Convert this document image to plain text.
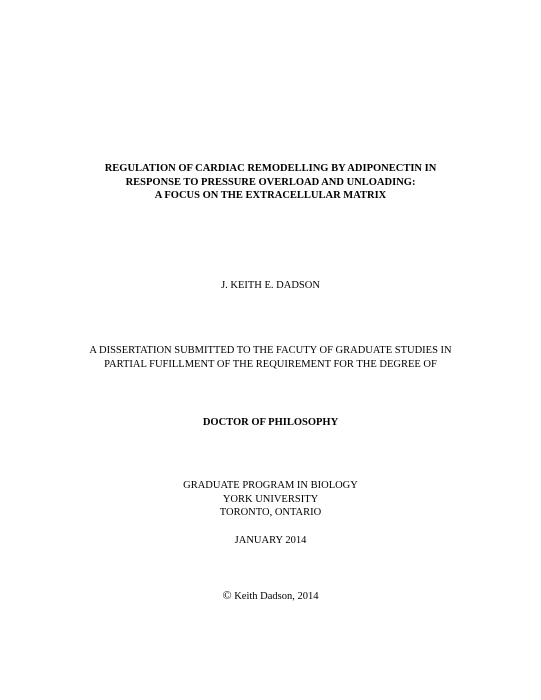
REGULATION OF CARDIAC REMODELLING BY ADIPONECTIN IN
RESPONSE TO PRESSURE OVERLOAD AND UNLOADING:
A FOCUS ON THE EXTRACELLULAR MATRIX
J. KEITH E. DADSON
A DISSERTATION SUBMITTED TO THE FACUTY OF GRADUATE STUDIES IN
PARTIAL FUFILLMENT OF THE REQUIREMENT FOR THE DEGREE OF
DOCTOR OF PHILOSOPHY
GRADUATE PROGRAM IN BIOLOGY
YORK UNIVERSITY
TORONTO, ONTARIO
JANUARY 2014
© Keith Dadson, 2014
